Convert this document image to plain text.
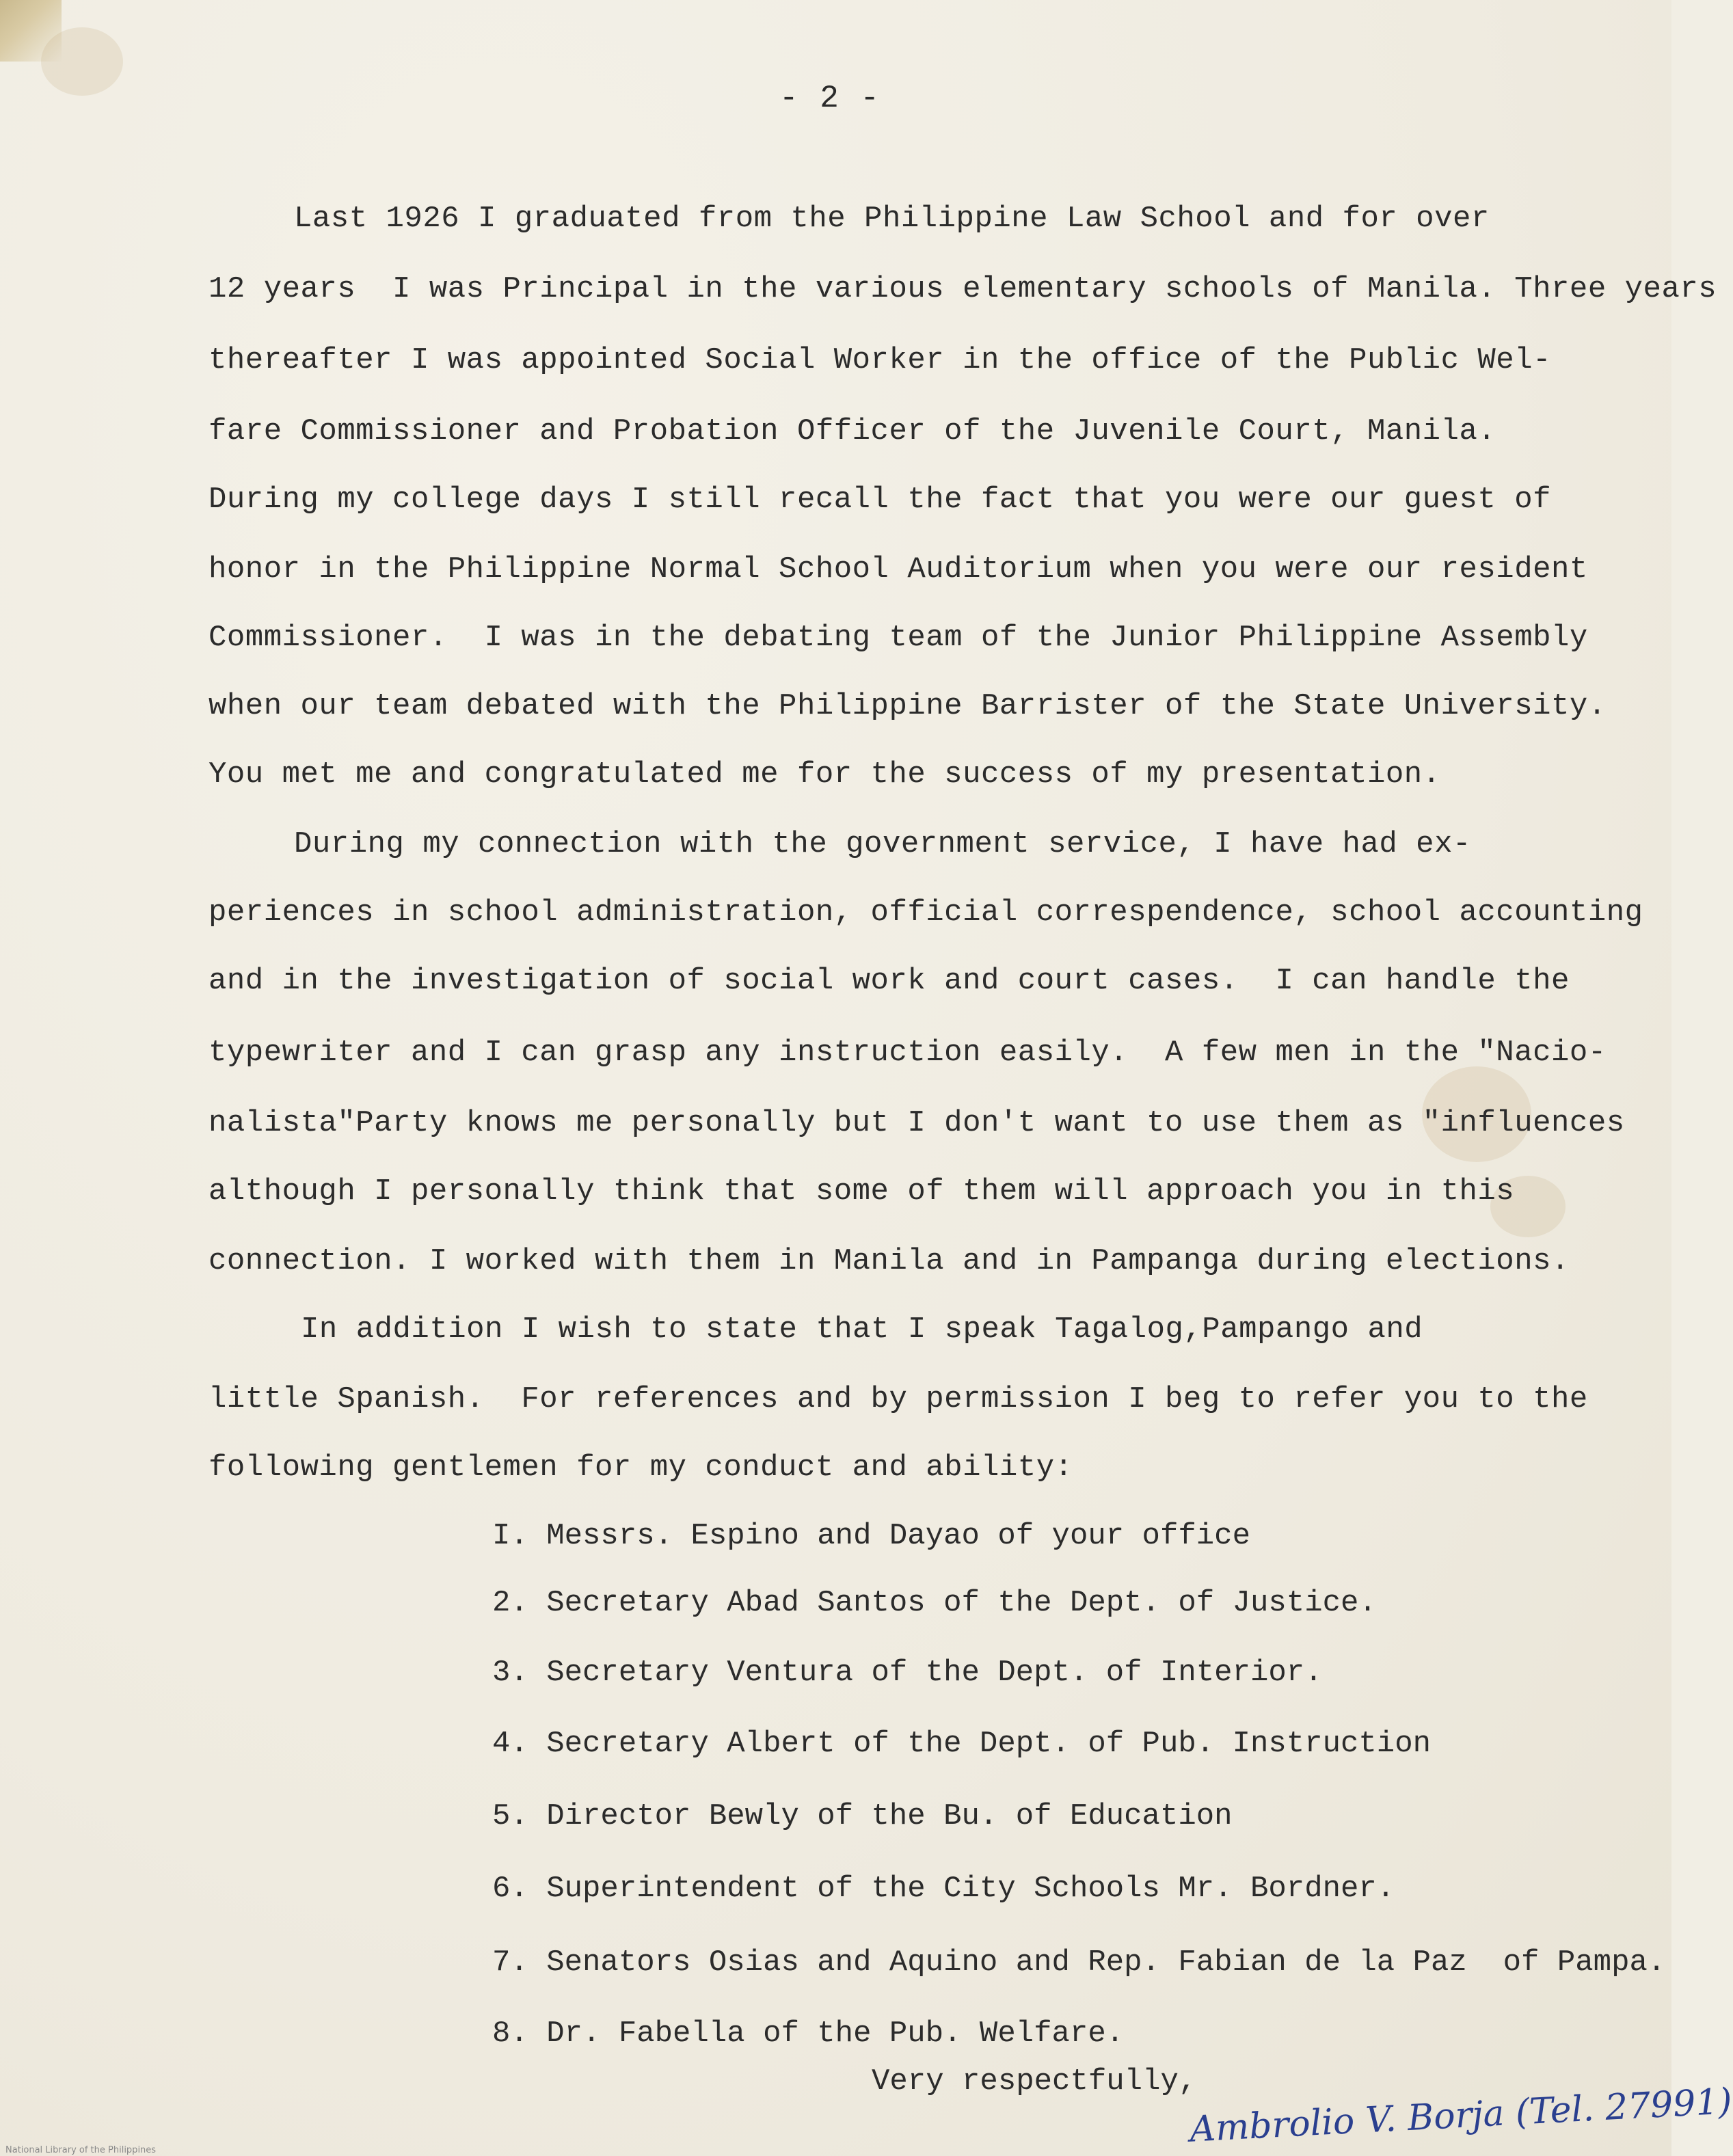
- 2 -
Last 1926 I graduated from the Philippine Law School and for over
12 years  I was Principal in the various elementary schools of Manila. Three years
thereafter I was appointed Social Worker in the office of the Public Wel-
fare Commissioner and Probation Officer of the Juvenile Court, Manila.
During my college days I still recall the fact that you were our guest of
honor in the Philippine Normal School Auditorium when you were our resident
Commissioner.  I was in the debating team of the Junior Philippine Assembly
when our team debated with the Philippine Barrister of the State University.
You met me and congratulated me for the success of my presentation.
During my connection with the government service, I have had ex-
periences in school administration, official correspendence, school accounting
and in the investigation of social work and court cases.  I can handle the
typewriter and I can grasp any instruction easily.  A few men in the "Nacio-
nalista"Party knows me personally but I don't want to use them as "influences
although I personally think that some of them will approach you in this
connection. I worked with them in Manila and in Pampanga during elections.
In addition I wish to state that I speak Tagalog,Pampango and
little Spanish.  For references and by permission I beg to refer you to the
following gentlemen for my conduct and ability:
I. Messrs. Espino and Dayao of your office
2. Secretary Abad Santos of the Dept. of Justice.
3. Secretary Ventura of the Dept. of Interior.
4. Secretary Albert of the Dept. of Pub. Instruction
5. Director Bewly of the Bu. of Education
6. Superintendent of the City Schools Mr. Bordner.
7. Senators Osias and Aquino and Rep. Fabian de la Paz  of Pampa.
8. Dr. Fabella of the Pub. Welfare.
Very respectfully,
Ambrolio V. Borja (Tel. 27991)
National Library of the Philippines
